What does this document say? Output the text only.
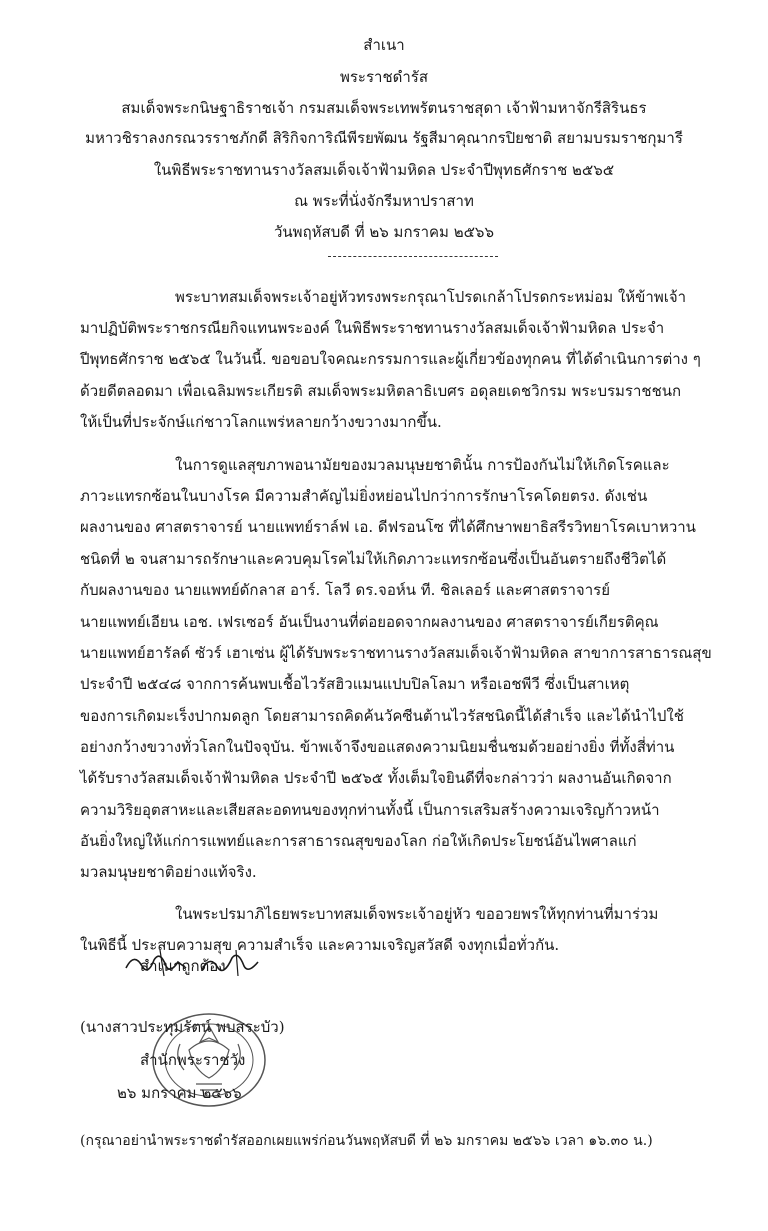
สำเนา
พระราชดำรัส
สมเด็จพระกนิษฐาธิราชเจ้า กรมสมเด็จพระเทพรัตนราชสุดา เจ้าฟ้ามหาจักรีสิรินธร
มหาวชิราลงกรณวรราชภักดี สิริกิจการิณีพีรยพัฒน รัฐสีมาคุณากรปิยชาติ สยามบรมราชกุมารี
ในพิธีพระราชทานรางวัลสมเด็จเจ้าฟ้ามหิดล ประจำปีพุทธศักราช ๒๕๖๕
ณ พระที่นั่งจักรีมหาปราสาท
วันพฤหัสบดี ที่ ๒๖ มกราคม ๒๕๖๖
พระบาทสมเด็จพระเจ้าอยู่หัวทรงพระกรุณาโปรดเกล้าโปรดกระหม่อม ให้ข้าพเจ้า
มาปฏิบัติพระราชกรณียกิจแทนพระองค์ ในพิธีพระราชทานรางวัลสมเด็จเจ้าฟ้ามหิดล ประจำ
ปีพุทธศักราช ๒๕๖๕ ในวันนี้. ขอขอบใจคณะกรรมการและผู้เกี่ยวข้องทุกคน ที่ได้ดำเนินการต่าง ๆ
ด้วยดีตลอดมา เพื่อเฉลิมพระเกียรติ สมเด็จพระมหิตลาธิเบศร อดุลยเดชวิกรม พระบรมราชชนก
ให้เป็นที่ประจักษ์แก่ชาวโลกแพร่หลายกว้างขวางมากขึ้น.
ในการดูแลสุขภาพอนามัยของมวลมนุษยชาตินั้น การป้องกันไม่ให้เกิดโรคและ
ภาวะแทรกซ้อนในบางโรค มีความสำคัญไม่ยิ่งหย่อนไปกว่าการรักษาโรคโดยตรง. ดังเช่น
ผลงานของ ศาสตราจารย์ นายแพทย์ราล์ฟ เอ. ดีฟรอนโซ ที่ได้ศึกษาพยาธิสรีรวิทยาโรคเบาหวาน
ชนิดที่ ๒ จนสามารถรักษาและควบคุมโรคไม่ให้เกิดภาวะแทรกซ้อนซึ่งเป็นอันตรายถึงชีวิตได้
กับผลงานของ นายแพทย์ดักลาส อาร์. โลวี ดร.จอห์น ที. ชิลเลอร์ และศาสตราจารย์
นายแพทย์เอียน เอช. เฟรเซอร์ อันเป็นงานที่ต่อยอดจากผลงานของ ศาสตราจารย์เกียรติคุณ
นายแพทย์ฮารัลด์ ซัวร์ เฮาเซ่น ผู้ได้รับพระราชทานรางวัลสมเด็จเจ้าฟ้ามหิดล สาขาการสาธารณสุข
ประจำปี ๒๕๔๘ จากการค้นพบเชื้อไวรัสฮิวแมนแปบปิลโลมา หรือเอชพีวี ซึ่งเป็นสาเหตุ
ของการเกิดมะเร็งปากมดลูก โดยสามารถคิดค้นวัคซีนต้านไวรัสชนิดนี้ได้สำเร็จ และได้นำไปใช้
อย่างกว้างขวางทั่วโลกในปัจจุบัน. ข้าพเจ้าจึงขอแสดงความนิยมชื่นชมด้วยอย่างยิ่ง ที่ทั้งสี่ท่าน
ได้รับรางวัลสมเด็จเจ้าฟ้ามหิดล ประจำปี ๒๕๖๕ ทั้งเต็มใจยินดีที่จะกล่าวว่า ผลงานอันเกิดจาก
ความวิริยอุตสาหะและเสียสละอดทนของทุกท่านทั้งนี้ เป็นการเสริมสร้างความเจริญก้าวหน้า
อันยิ่งใหญ่ให้แก่การแพทย์และการสาธารณสุขของโลก ก่อให้เกิดประโยชน์อันไพศาลแก่
มวลมนุษยชาติอย่างแท้จริง.
ในพระปรมาภิไธยพระบาทสมเด็จพระเจ้าอยู่หัว ขออวยพรให้ทุกท่านที่มาร่วม
ในพิธีนี้ ประสบความสุข ความสำเร็จ และความเจริญสวัสดี จงทุกเมื่อทั่วกัน.
สำเนาถูกต้อง
(นางสาวประทุมรัตน์ พบสระบัว)
สำนักพระราชวัง
๒๖ มกราคม ๒๕๖๖
(กรุณาอย่านำพระราชดำรัสออกเผยแพร่ก่อนวันพฤหัสบดี ที่ ๒๖ มกราคม ๒๕๖๖ เวลา ๑๖.๓๐ น.)
